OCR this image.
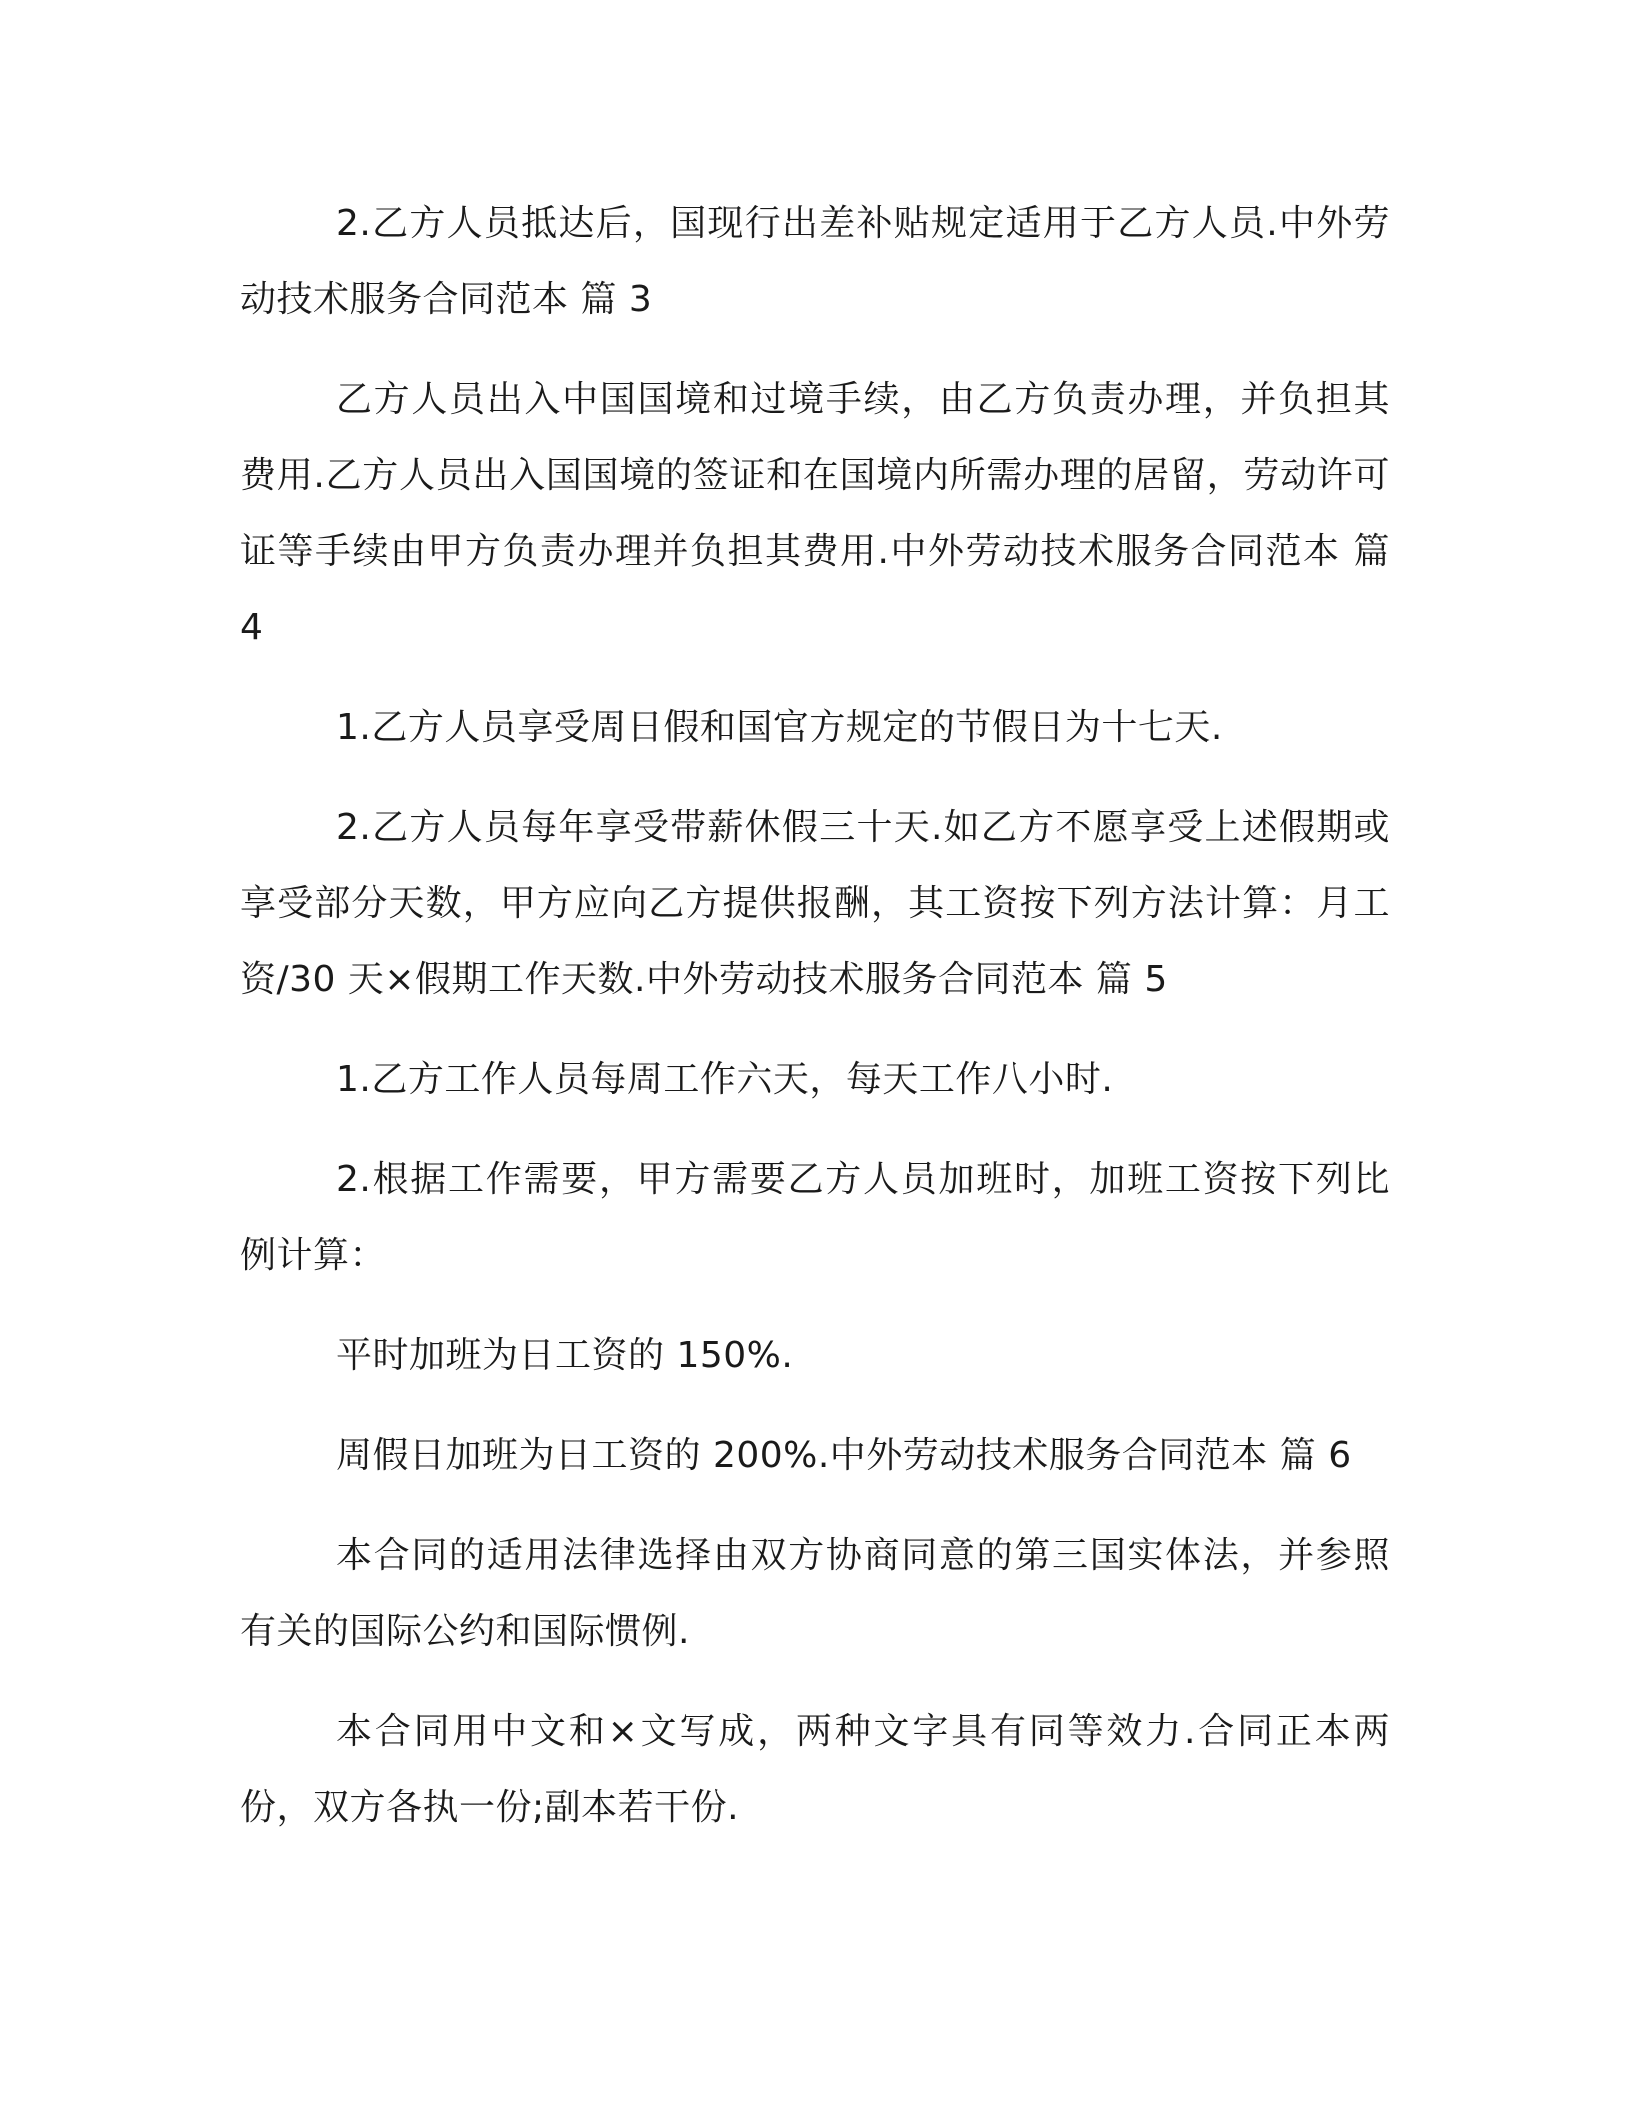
2.乙方人员抵达后，国现行出差补贴规定适用于乙方人员.中外劳动技术服务合同范本 篇 3

乙方人员出入中国国境和过境手续，由乙方负责办理，并负担其费用.乙方人员出入国国境的签证和在国境内所需办理的居留，劳动许可证等手续由甲方负责办理并负担其费用.中外劳动技术服务合同范本 篇 4

1.乙方人员享受周日假和国官方规定的节假日为十七天.

2.乙方人员每年享受带薪休假三十天.如乙方不愿享受上述假期或享受部分天数，甲方应向乙方提供报酬，其工资按下列方法计算：月工资/30 天×假期工作天数.中外劳动技术服务合同范本 篇 5

1.乙方工作人员每周工作六天，每天工作八小时.

2.根据工作需要，甲方需要乙方人员加班时，加班工资按下列比例计算：

平时加班为日工资的 150%.

周假日加班为日工资的 200%.中外劳动技术服务合同范本 篇 6

本合同的适用法律选择由双方协商同意的第三国实体法，并参照有关的国际公约和国际惯例.

本合同用中文和×文写成，两种文字具有同等效力.合同正本两份，双方各执一份;副本若干份.
